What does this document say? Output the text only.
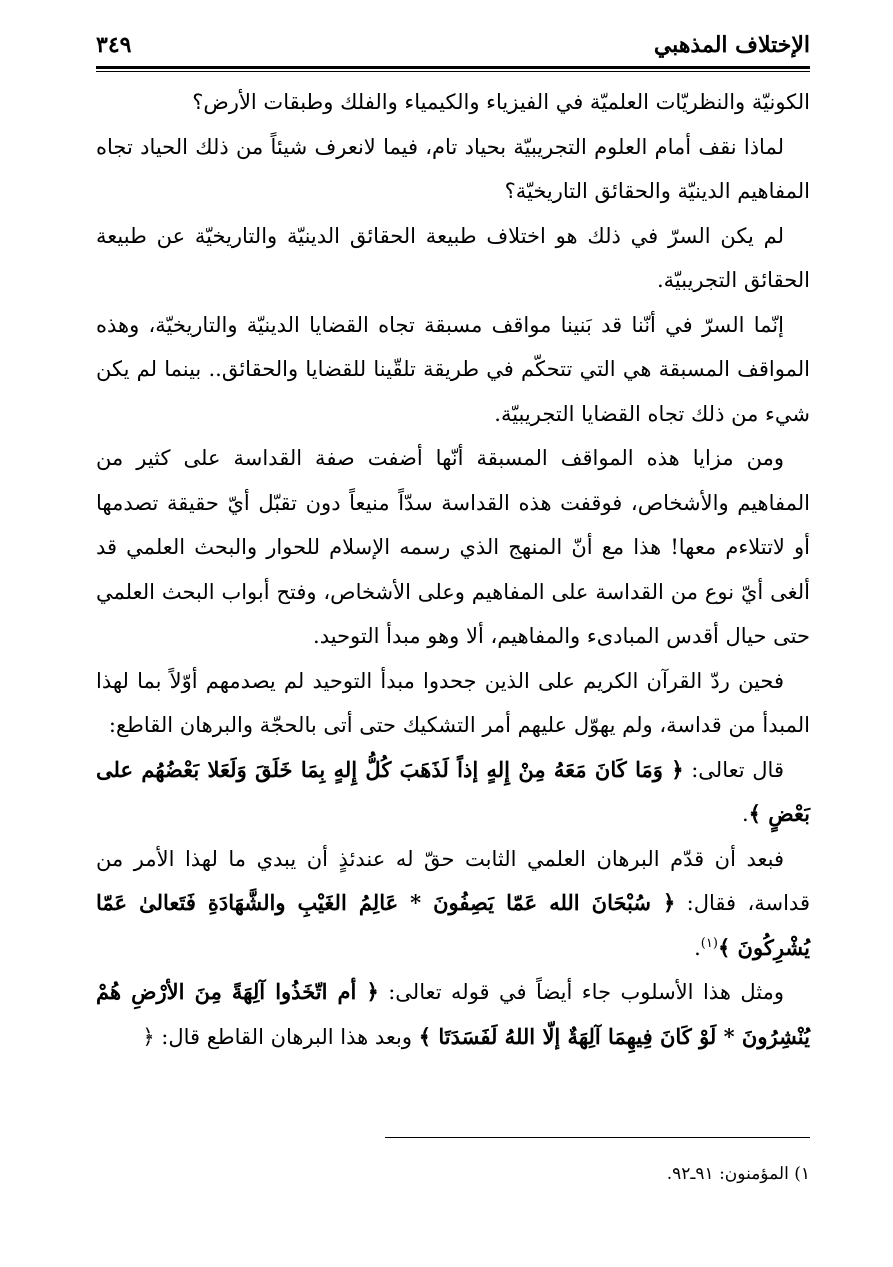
الإختلاف المذهبي
٣٤٩

الكونيّة والنظريّات العلميّة في الفيزياء والكيمياء والفلك وطبقات الأرض؟

لماذا نقف أمام العلوم التجريبيّة بحياد تام، فيما لانعرف شيئاً من ذلك الحياد تجاه المفاهيم الدينيّة والحقائق التاريخيّة؟

لم يكن السرّ في ذلك هو اختلاف طبيعة الحقائق الدينيّة والتاريخيّة عن طبيعة الحقائق التجريبيّة.

إنّما السرّ في أنّنا قد بَنينا مواقف مسبقة تجاه القضايا الدينيّة والتاريخيّة، وهذه المواقف المسبقة هي التي تتحكّم في طريقة تلقّينا للقضايا والحقائق.. بينما لم يكن شيء من ذلك تجاه القضايا التجريبيّة.

ومن مزايا هذه المواقف المسبقة أنّها أضفت صفة القداسة على كثير من المفاهيم والأشخاص، فوقفت هذه القداسة سدّاً منيعاً دون تقبّل أيّ حقيقة تصدمها أو لاتتلاءم معها! هذا مع أنّ المنهج الذي رسمه الإسلام للحوار والبحث العلمي قد ألغى أيّ نوع من القداسة على المفاهيم وعلى الأشخاص، وفتح أبواب البحث العلمي حتى حيال أقدس المبادىء والمفاهيم، ألا وهو مبدأ التوحيد.

فحين ردّ القرآن الكريم على الذين جحدوا مبدأ التوحيد لم يصدمهم أوّلاً بما لهذا المبدأ من قداسة، ولم يهوّل عليهم أمر التشكيك حتى أتى بالحجّة والبرهان القاطع:

قال تعالى: ﴿ وَمَا كَانَ مَعَهُ مِنْ إِلهٍ إذاً لَذَهَبَ كُلُّ إِلهٍ بِمَا خَلَقَ وَلَعَلا بَعْضُهُم على بَعْضٍ ﴾.

فبعد أن قدّم البرهان العلمي الثابت حقّ له عندئذٍ أن يبدي ما لهذا الأمر من قداسة، فقال: ﴿ سُبْحَانَ الله عَمّا يَصِفُونَ * عَالِمُ الغَيْبِ والشَّهَادَةِ فَتَعالىٰ عَمّا يُشْرِكُونَ ﴾$^{(١)}$.

ومثل هذا الأسلوب جاء أيضاً في قوله تعالى: ﴿ أم اتّخَذُوا آلِهَةً مِنَ الأرْضِ هُمْ يُنْشِرُونَ * لَوْ كَانَ فِيهِمَا آلِهَةٌ إلّا اللهُ لَفَسَدَتَا ﴾ وبعد هذا البرهان القاطع قال: ﴿

١) المؤمنون: ٩١ـ٩٢.
